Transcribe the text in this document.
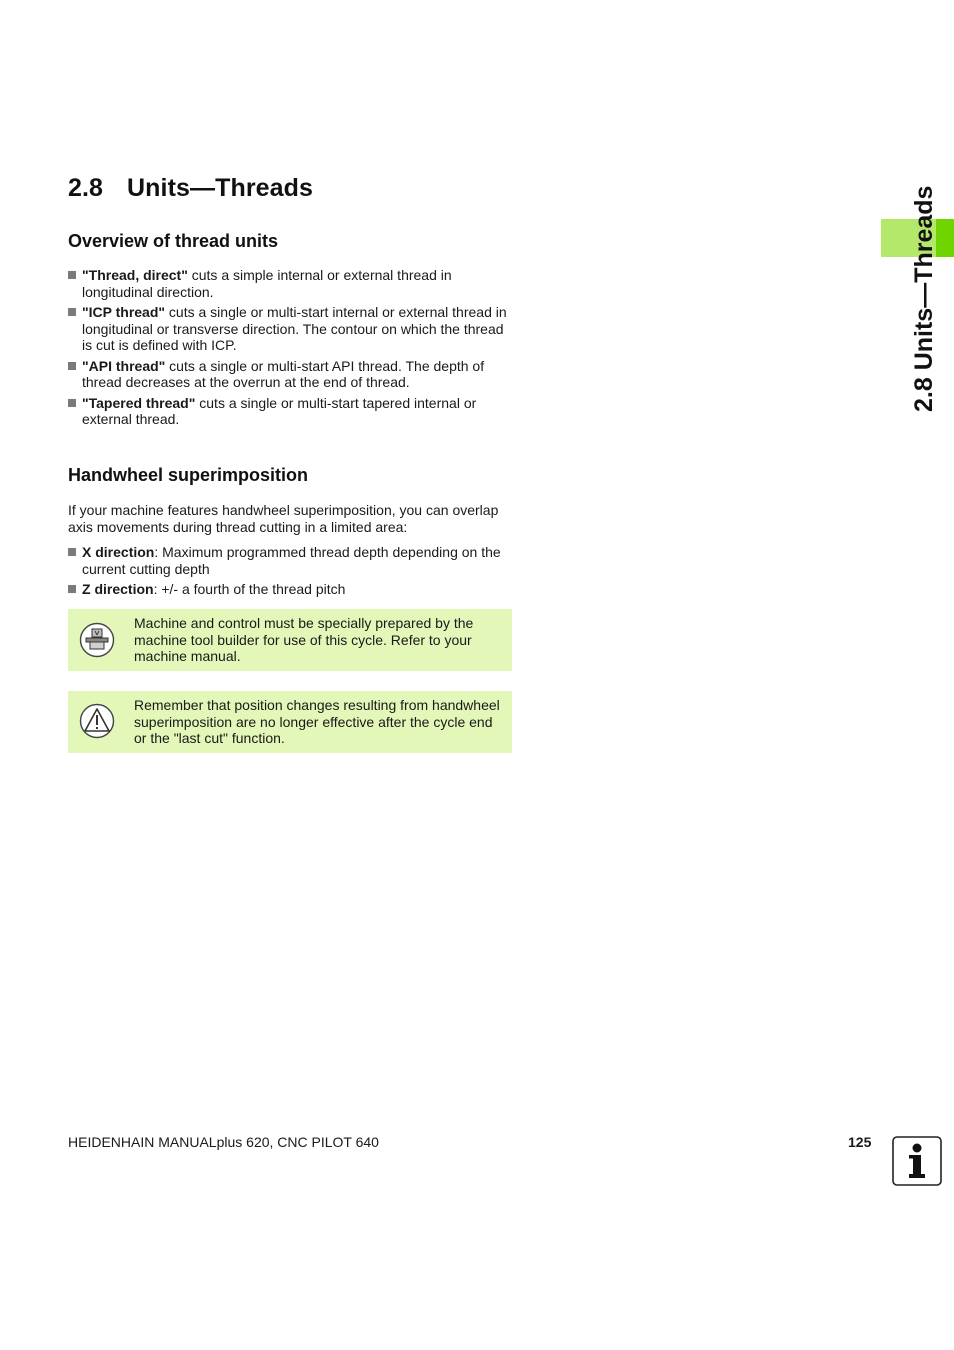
2.8 Units—Threads
2.8 Units—Threads
Overview of thread units
"Thread, direct" cuts a simple internal or external thread in longitudinal direction.
"ICP thread" cuts a single or multi-start internal or external thread in longitudinal or transverse direction. The contour on which the thread is cut is defined with ICP.
"API thread" cuts a single or multi-start API thread. The depth of thread decreases at the overrun at the end of thread.
"Tapered thread" cuts a single or multi-start tapered internal or external thread.
Handwheel superimposition
If your machine features handwheel superimposition, you can overlap axis movements during thread cutting in a limited area:
X direction: Maximum programmed thread depth depending on the current cutting depth
Z direction: +/- a fourth of the thread pitch
Machine and control must be specially prepared by the machine tool builder for use of this cycle. Refer to your machine manual.
Remember that position changes resulting from handwheel superimposition are no longer effective after the cycle end or the "last cut" function.
HEIDENHAIN MANUALplus 620, CNC PILOT 640	125
